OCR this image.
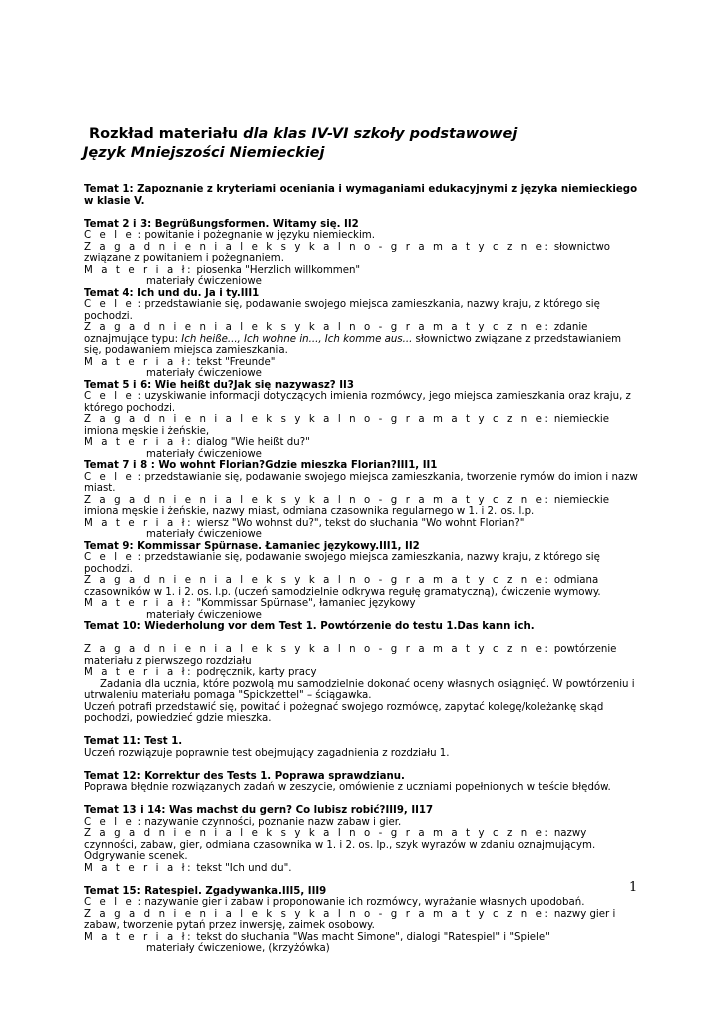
Rozkład materiału dla klas IV-VI szkoły podstawowej
Język Mniejszości Niemieckiej

Temat 1: Zapoznanie z kryteriami oceniania i wymaganiami edukacyjnymi z języka niemieckiego w klasie V.

Temat 2 i 3: Begrüßungsformen. Witamy się. II2

C e l e : powitanie i pożegnanie w języku niemieckim.

Z a g a d n i e n i a l e k s y k a l n o - g r a m a t y c z n e: słownictwo związane z powitaniem i pożegnaniem.

M a t e r i a ł: piosenka "Herzlich willkommen"

materiały ćwiczeniowe

Temat 4: Ich und du. Ja i ty.III1

C e l e : przedstawianie się, podawanie swojego miejsca zamieszkania, nazwy kraju, z którego się pochodzi.

Z a g a d n i e n i a l e k s y k a l n o - g r a m a t y c z n e: zdanie oznajmujące typu: Ich heiße..., Ich wohne in..., Ich komme aus... słownictwo związane z przedstawianiem się, podawaniem miejsca zamieszkania.

M a t e r i a ł: tekst "Freunde"

materiały ćwiczeniowe

Temat 5 i 6: Wie heißt du?Jak się nazywasz? II3

C e l e : uzyskiwanie informacji dotyczących imienia rozmówcy, jego miejsca zamieszkania oraz kraju, z którego pochodzi.

Z a g a d n i e n i a l e k s y k a l n o - g r a m a t y c z n e: niemieckie imiona męskie i żeńskie,

M a t e r i a ł: dialog "Wie heißt du?"

materiały ćwiczeniowe

Temat 7 i 8 : Wo wohnt Florian?Gdzie mieszka Florian?III1, II1

C e l e : przedstawianie się, podawanie swojego miejsca zamieszkania, tworzenie rymów do imion i nazw miast.

Z a g a d n i e n i a l e k s y k a l n o - g r a m a t y c z n e: niemieckie imiona męskie i żeńskie, nazwy miast, odmiana czasownika regularnego w 1. i 2. os. l.p.

M a t e r i a ł: wiersz "Wo wohnst du?", tekst do słuchania "Wo wohnt Florian?"

materiały ćwiczeniowe

Temat 9: Kommissar Spürnase. Łamaniec językowy.III1, II2

C e l e : przedstawianie się, podawanie swojego miejsca zamieszkania, nazwy kraju, z którego się pochodzi.

Z a g a d n i e n i a l e k s y k a l n o - g r a m a t y c z n e: odmiana czasowników w 1. i 2. os. l.p. (uczeń samodzielnie odkrywa regułę gramatyczną), ćwiczenie wymowy.

M a t e r i a ł: "Kommissar Spürnase", łamaniec językowy

materiały ćwiczeniowe

Temat 10: Wiederholung vor dem Test 1. Powtórzenie do testu 1.Das kann ich.

Z a g a d n i e n i a l e k s y k a l n o - g r a m a t y c z n e: powtórzenie materiału z pierwszego rozdziału

M a t e r i a ł: podręcznik, karty pracy

Zadania dla ucznia, które pozwolą mu samodzielnie dokonać oceny własnych osiągnięć. W powtórzeniu i utrwaleniu materiału pomaga "Spickzettel" – ściągawka.

Uczeń potrafi przedstawić się, powitać i pożegnać swojego rozmówcę, zapytać kolegę/koleżankę skąd pochodzi, powiedzieć gdzie mieszka.

Temat 11: Test 1.

Uczeń rozwiązuje poprawnie test obejmujący zagadnienia z rozdziału 1.

Temat 12: Korrektur des Tests 1. Poprawa sprawdzianu.

Poprawa błędnie rozwiązanych zadań w zeszycie, omówienie z uczniami popełnionych w teście błędów.

Temat 13 i 14: Was machst du gern? Co lubisz robić?III9, II17

C e l e : nazywanie czynności, poznanie nazw zabaw i gier.

Z a g a d n i e n i a l e k s y k a l n o - g r a m a t y c z n e: nazwy czynności, zabaw, gier, odmiana czasownika w 1. i 2. os. lp., szyk wyrazów w zdaniu oznajmującym. Odgrywanie scenek.

M a t e r i a ł: tekst "Ich und du".

Temat 15: Ratespiel. Zgadywanka.III5, III9

C e l e : nazywanie gier i zabaw i proponowanie ich rozmówcy, wyrażanie własnych upodobań.

Z a g a d n i e n i a l e k s y k a l n o - g r a m a t y c z n e: nazwy gier i zabaw, tworzenie pytań przez inwersję, zaimek osobowy.

M a t e r i a ł: tekst do słuchania "Was macht Simone", dialogi "Ratespiel" i "Spiele"

materiały ćwiczeniowe, (krzyżówka)

1
